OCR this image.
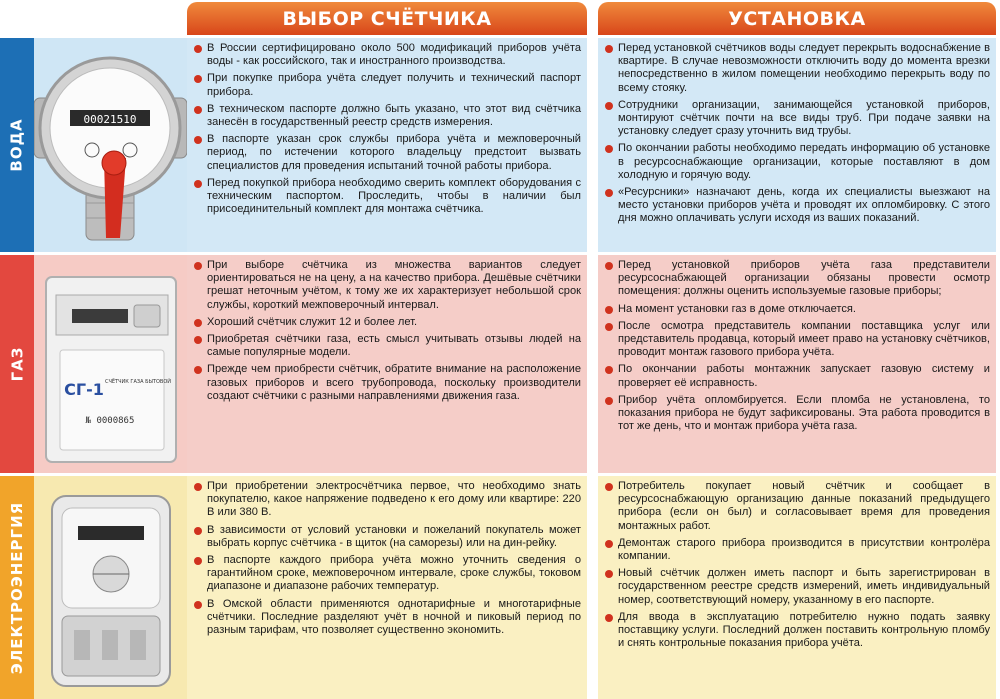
ВЫБОР СЧЁТЧИКА	УСТАНОВКА
ВОДА
ГАЗ
ЭЛЕКТРОЭНЕРГИЯ
00021510
СГ-1 СЧЁТЧИК ГАЗА БЫТОВОЙ
№ 0000865
В России сертифицировано около 500 модификаций приборов учёта воды - как российского, так и иностранного производства.
При покупке прибора учёта следует получить и технический паспорт прибора.
В техническом паспорте должно быть указано, что этот вид счётчика занесён в государственный реестр средств измерения.
В паспорте указан срок службы прибора учёта и межповерочный период, по истечении которого владельцу предстоит вызвать специалистов для проведения испытаний точной работы прибора.
Перед покупкой прибора необходимо сверить комплект оборудования с техническим паспортом. Проследить, чтобы в наличии был присоединительный комплект для монтажа счётчика.
Перед установкой счётчиков воды следует перекрыть водоснабжение в квартире. В случае невозможности отключить воду до момента врезки непосредственно в жилом помещении необходимо перекрыть воду по всему стояку.
Сотрудники организации, занимающейся установкой приборов, монтируют счётчик почти на все виды труб. При подаче заявки на установку следует сразу уточнить вид трубы.
По окончании работы необходимо передать информацию об установке в ресурсоснабжающие организации, которые поставляют в дом холодную и горячую воду.
«Ресурсники» назначают день, когда их специалисты выезжают на место установки приборов учёта и проводят их опломбировку. С этого дня можно оплачивать услуги исходя из ваших показаний.
При выборе счётчика из множества вариантов следует ориентироваться не на цену, а на качество прибора. Дешёвые счётчики грешат неточным учётом, к тому же их характеризует небольшой срок службы, короткий межповерочный интервал.
Хороший счётчик служит 12 и более лет.
Приобретая счётчики газа, есть смысл учитывать отзывы людей на самые популярные модели.
Прежде чем приобрести счётчик, обратите внимание на расположение газовых приборов и всего трубопровода, поскольку производители создают счётчики с разными направлениями движения газа.
Перед установкой приборов учёта газа представители ресурсоснабжающей организации обязаны провести осмотр помещения: должны оценить используемые газовые приборы;
На момент установки газ в доме отключается.
После осмотра представитель компании поставщика услуг или представитель продавца, который имеет право на установку счётчиков, проводит монтаж газового прибора учёта.
По окончании работы монтажник запускает газовую систему и проверяет её исправность.
Прибор учёта опломбируется. Если пломба не установлена, то показания прибора не будут зафиксированы. Эта работа проводится в тот же день, что и монтаж прибора учёта газа.
При приобретении электросчётчика первое, что необходимо знать покупателю, какое напряжение подведено к его дому или квартире: 220 В или 380 В.
В зависимости от условий установки и пожеланий покупатель может выбрать корпус счётчика - в щиток (на саморезы) или на дин-рейку.
В паспорте каждого прибора учёта можно уточнить сведения о гарантийном сроке, межповерочном интервале, сроке службы, токовом диапазоне и диапазоне рабочих температур.
В Омской области применяются однотарифные и многотарифные счётчики. Последние разделяют учёт в ночной и пиковый период по разным тарифам, что позволяет существенно экономить.
Потребитель покупает новый счётчик и сообщает в ресурсоснабжающую организацию данные показаний предыдущего прибора (если он был) и согласовывает время для проведения монтажных работ.
Демонтаж старого прибора производится в присутствии контролёра компании.
Новый счётчик должен иметь паспорт и быть зарегистрирован в государственном реестре средств измерений, иметь индивидуальный номер, соответствующий номеру, указанному в его паспорте.
Для ввода в эксплуатацию потребителю нужно подать заявку поставщику услуги. Последний должен поставить контрольную пломбу и снять контрольные показания прибора учёта.
